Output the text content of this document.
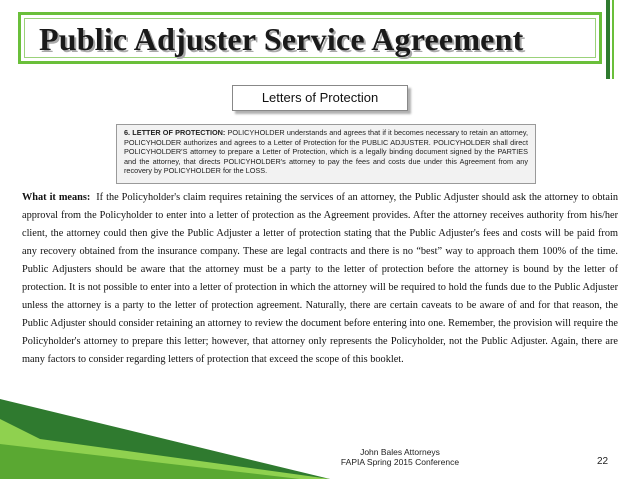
Public Adjuster Service Agreement
Letters of Protection
6. LETTER OF PROTECTION: POLICYHOLDER understands and agrees that if it becomes necessary to retain an attorney, POLICYHOLDER authorizes and agrees to a Letter of Protection for the PUBLIC ADJUSTER. POLICYHOLDER shall direct POLICYHOLDER'S attorney to prepare a Letter of Protection, which is a legally binding document signed by the PARTIES and the attorney, that directs POLICYHOLDER's attorney to pay the fees and costs due under this Agreement from any recovery by POLICYHOLDER for the LOSS.
What it means: If the Policyholder's claim requires retaining the services of an attorney, the Public Adjuster should ask the attorney to obtain approval from the Policyholder to enter into a letter of protection as the Agreement provides. After the attorney receives authority from his/her client, the attorney could then give the Public Adjuster a letter of protection stating that the Public Adjuster's fees and costs will be paid from any recovery obtained from the insurance company. These are legal contracts and there is no “best” way to approach them 100% of the time. Public Adjusters should be aware that the attorney must be a party to the letter of protection before the attorney is bound by the letter of protection. It is not possible to enter into a letter of protection in which the attorney will be required to hold the funds due to the Public Adjuster unless the attorney is a party to the letter of protection agreement. Naturally, there are certain caveats to be aware of and for that reason, the Public Adjuster should consider retaining an attorney to review the document before entering into one. Remember, the provision will require the Policyholder's attorney to prepare this letter; however, that attorney only represents the Policyholder, not the Public Adjuster. Again, there are many factors to consider regarding letters of protection that exceed the scope of this booklet.
John Bales Attorneys
FAPIA Spring 2015 Conference	22
